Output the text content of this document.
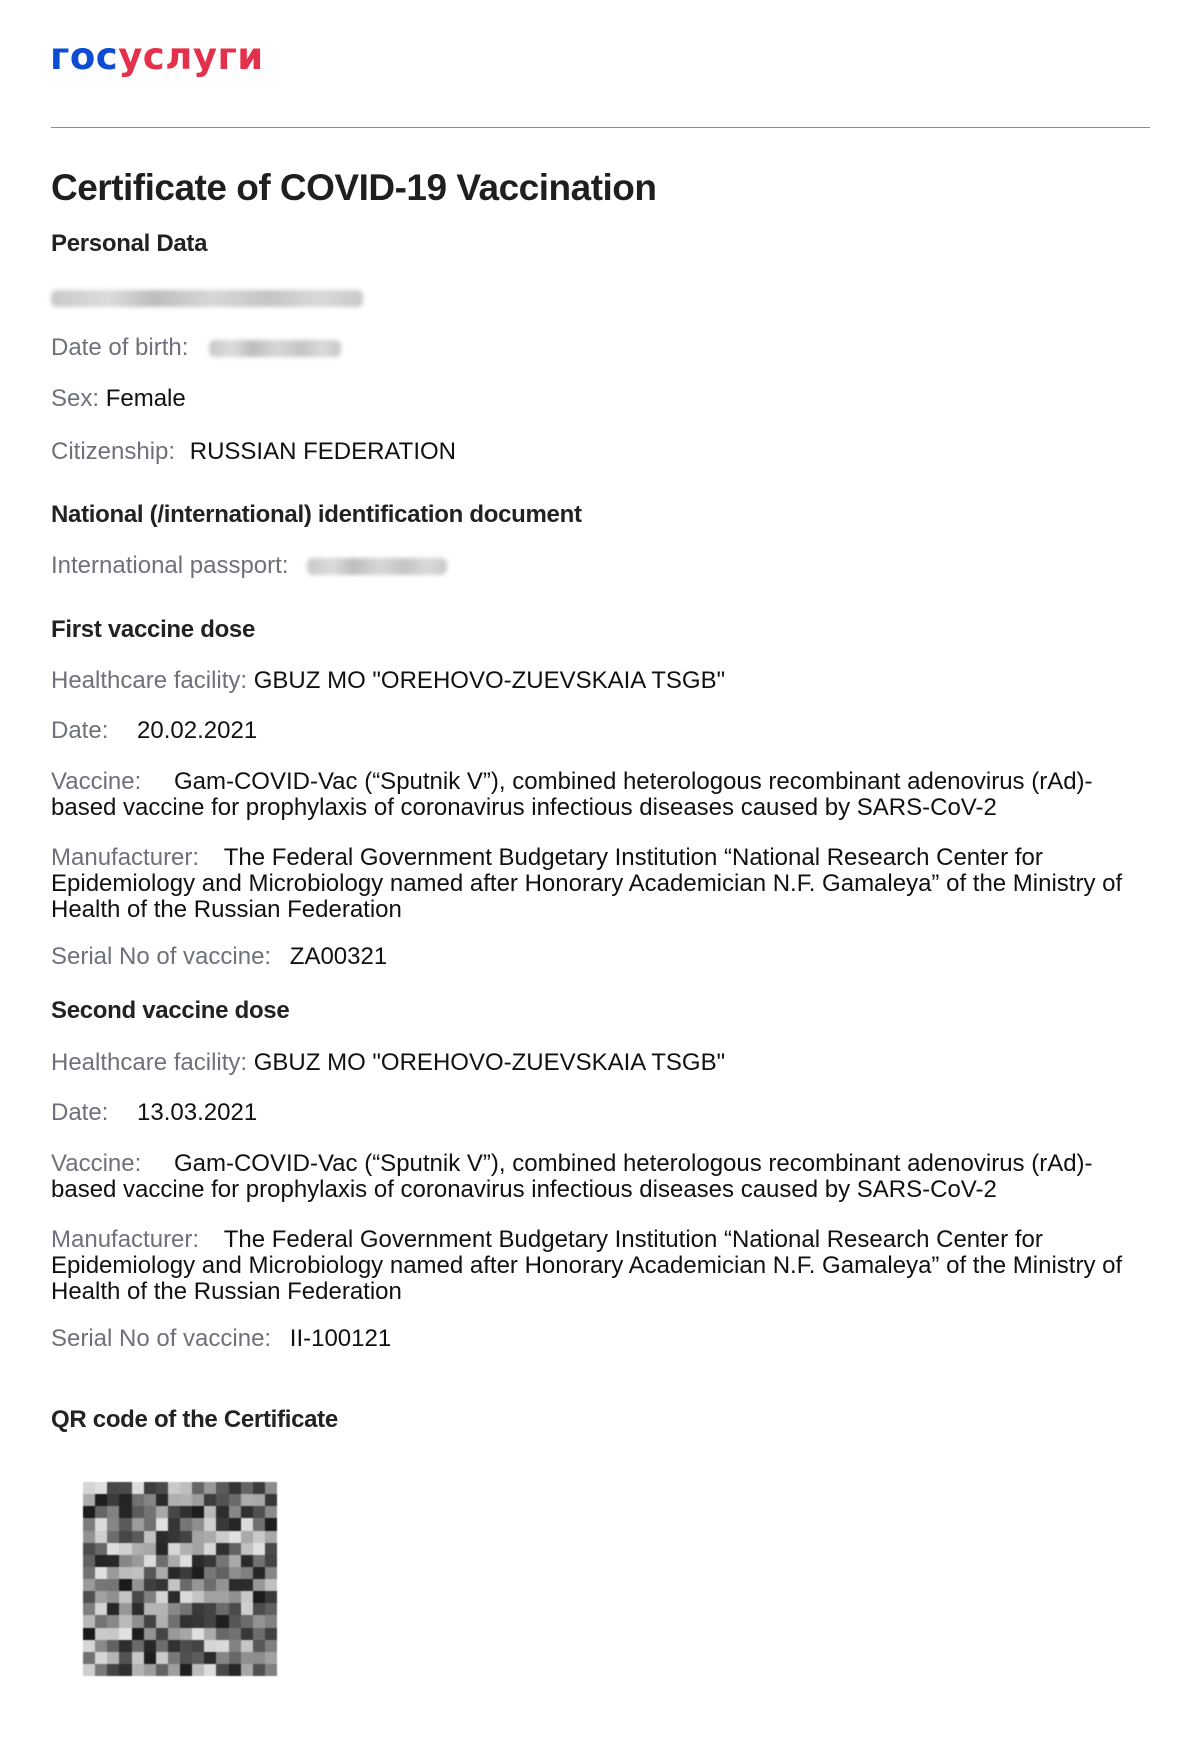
госуслуги
Certificate of COVID-19 Vaccination
Personal Data
Date of birth:
Sex: Female
Citizenship: RUSSIAN FEDERATION
National (/international) identification document
International passport:
First vaccine dose
Healthcare facility: GBUZ MO "OREHOVO-ZUEVSKAIA TSGB"
Date: 20.02.2021
Vaccine: Gam-COVID-Vac (“Sputnik V”), combined heterologous recombinant adenovirus (rAd)-based vaccine for prophylaxis of coronavirus infectious diseases caused by SARS-CoV-2
Manufacturer: The Federal Government Budgetary Institution “National Research Center for Epidemiology and Microbiology named after Honorary Academician N.F. Gamaleya” of the Ministry of Health of the Russian Federation
Serial No of vaccine: ZA00321
Second vaccine dose
Healthcare facility: GBUZ MO "OREHOVO-ZUEVSKAIA TSGB"
Date: 13.03.2021
Vaccine: Gam-COVID-Vac (“Sputnik V”), combined heterologous recombinant adenovirus (rAd)-based vaccine for prophylaxis of coronavirus infectious diseases caused by SARS-CoV-2
Manufacturer: The Federal Government Budgetary Institution “National Research Center for Epidemiology and Microbiology named after Honorary Academician N.F. Gamaleya” of the Ministry of Health of the Russian Federation
Serial No of vaccine: II-100121
QR code of the Certificate
